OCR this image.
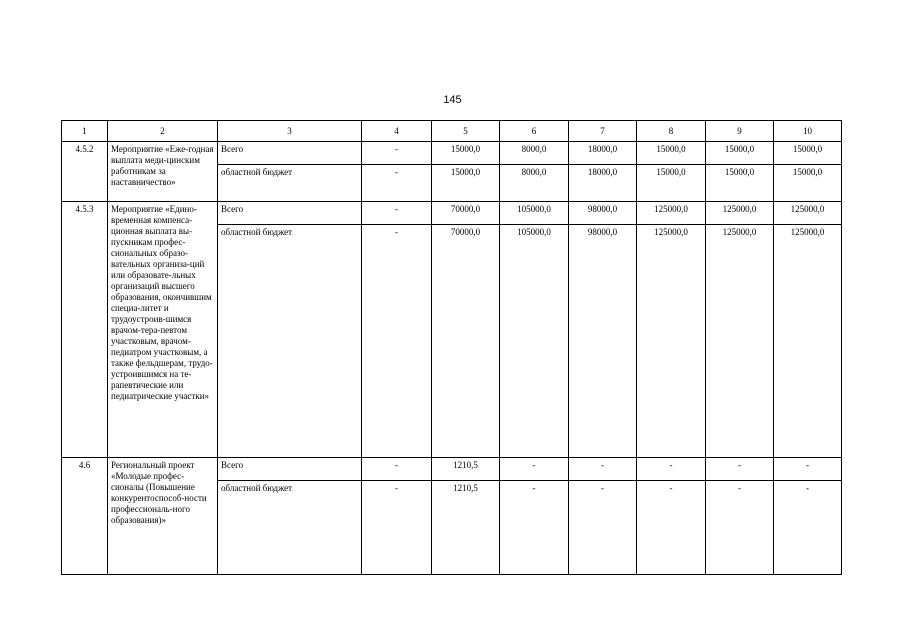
145
1	2	3	4	5	6	7	8	9	10
4.5.2	Мероприятие «Еже-годная выплата меди-цинским работникам за наставничество»	Всего	-	15000,0	8000,0	18000,0	15000,0	15000,0	15000,0
		областной бюджет	-	15000,0	8000,0	18000,0	15000,0	15000,0	15000,0
4.5.3	Мероприятие «Едино-временная компенса-ционная выплата вы-пускникам профес-сиональных образо-вательных организа-ций или образовате-льных организаций высшего образования, окончившим специа-литет и трудоустроив-шимся врачом-тера-певтом участковым, врачом-педиатром участковым, а также фельдшерам, трудо-устроившимся на те-рапевтические или педиатрические участки»	Всего	-	70000,0	105000,0	98000,0	125000,0	125000,0	125000,0
		областной бюджет	-	70000,0	105000,0	98000,0	125000,0	125000,0	125000,0
4.6	Региональный проект «Молодые профес-сионалы (Повышение конкурентоспособ-ности профессиональ-ного образования)»	Всего	-	1210,5	-	-	-	-	-
		областной бюджет	-	1210,5	-	-	-	-	-
